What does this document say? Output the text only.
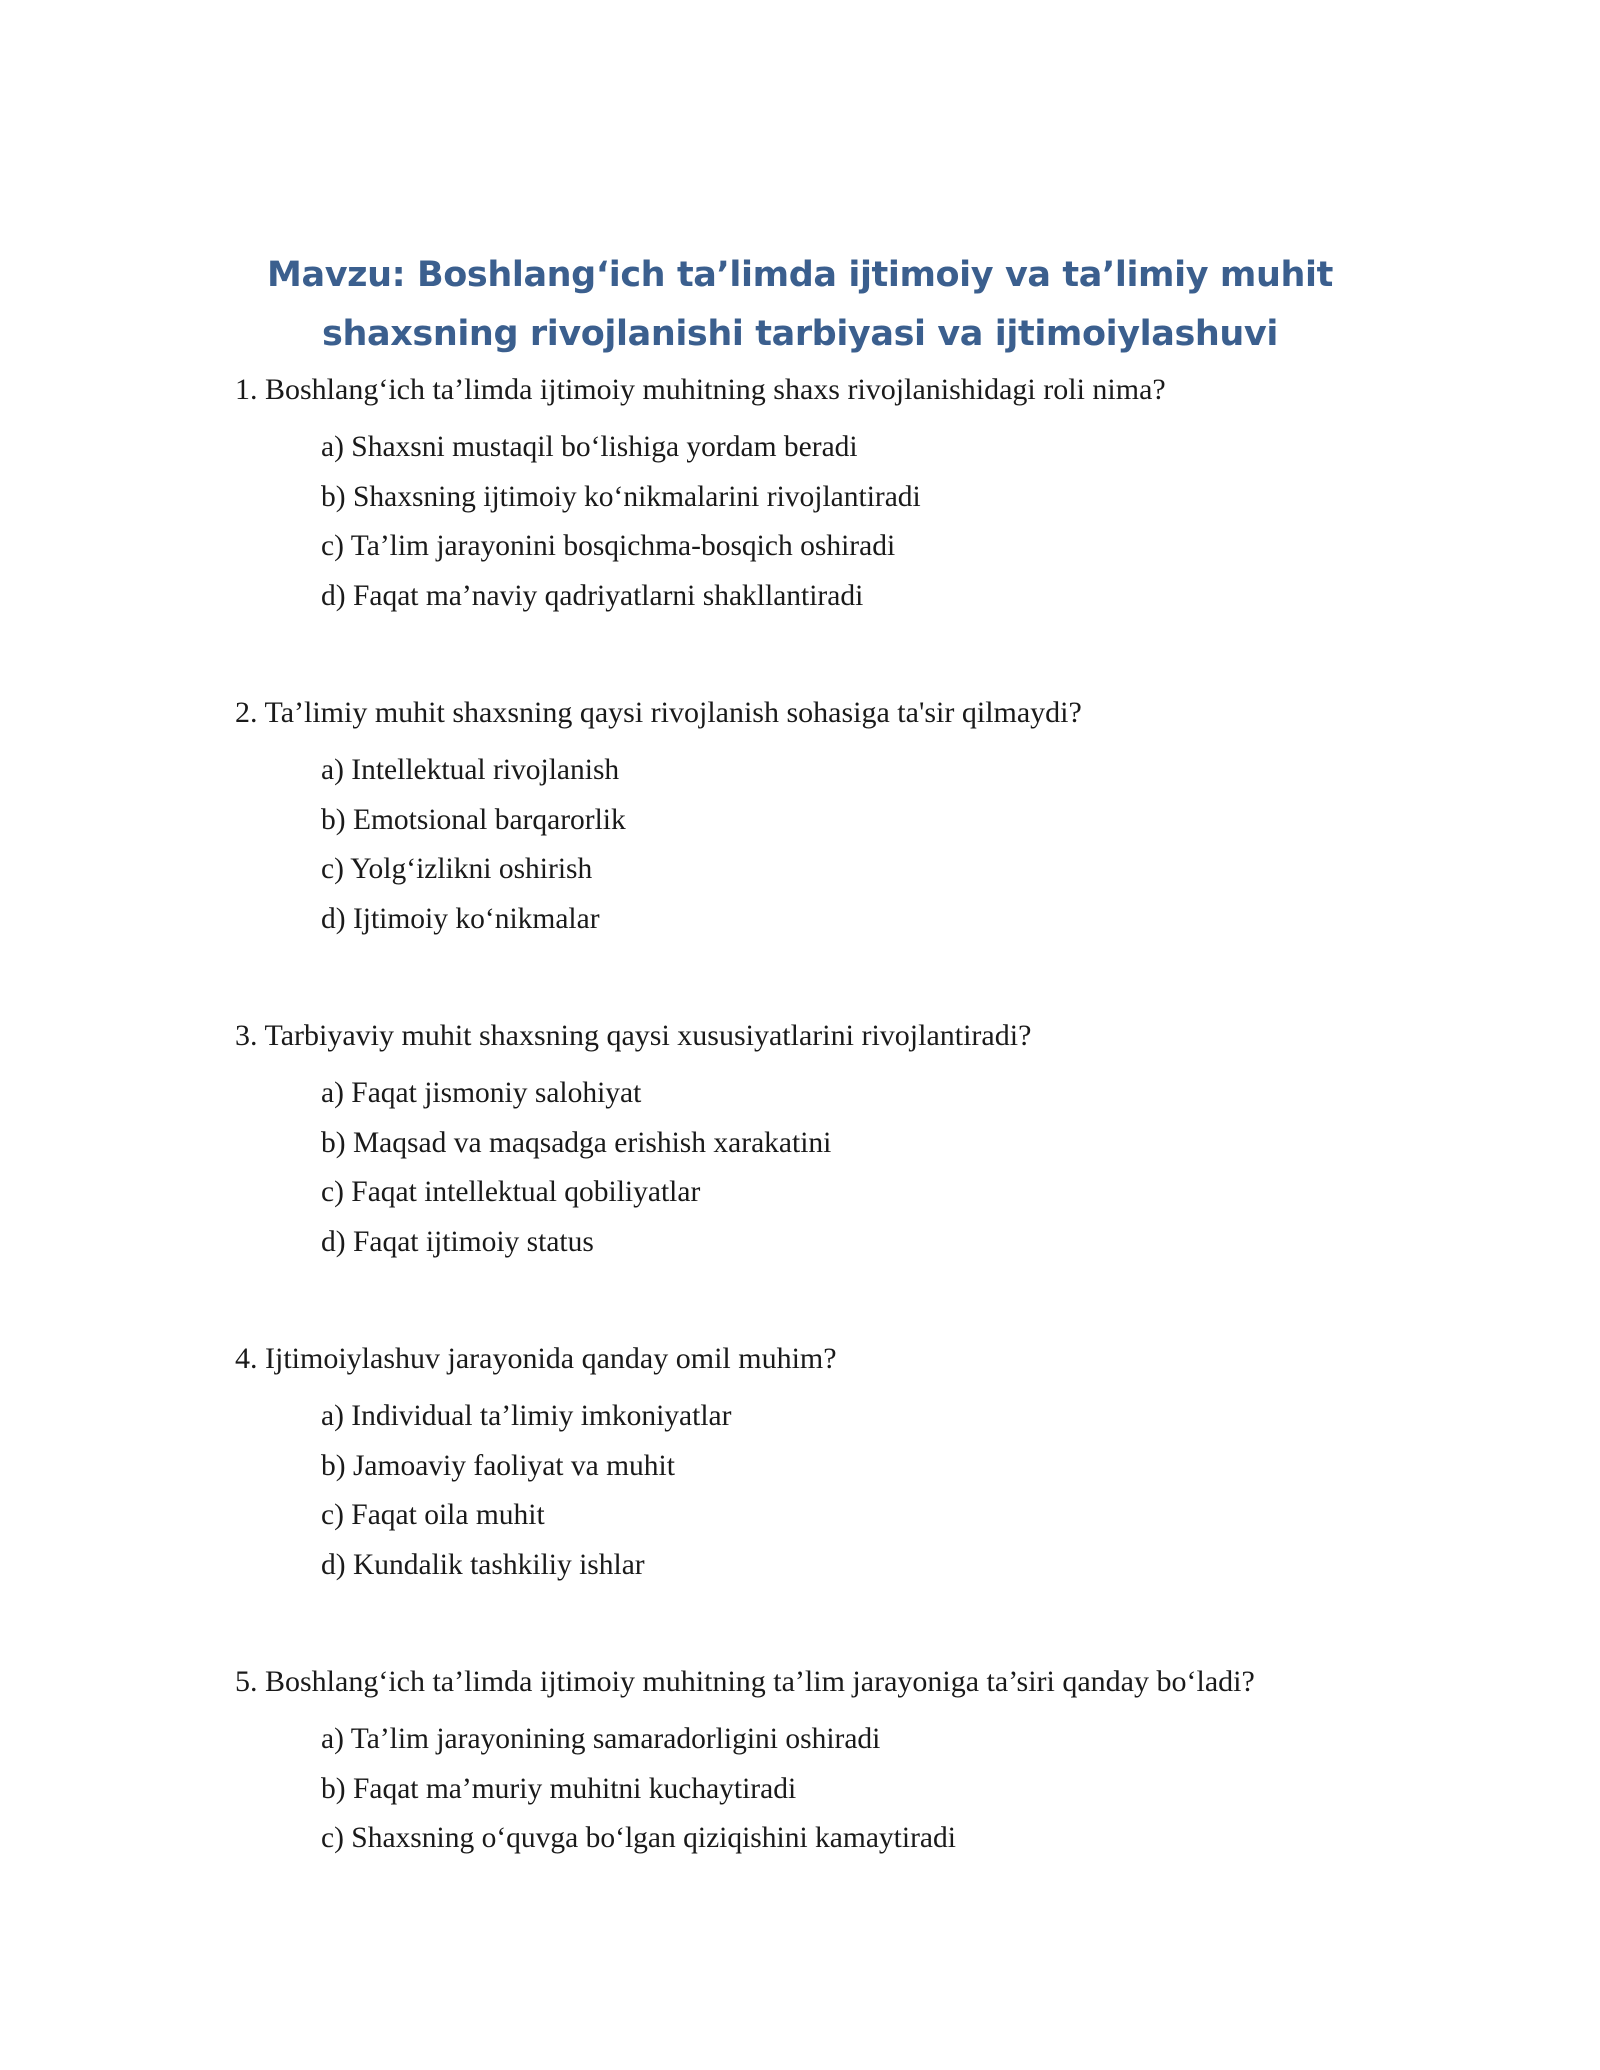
Mavzu: Boshlang‘ich ta’limda ijtimoiy va ta’limiy muhit
shaxsning rivojlanishi tarbiyasi va ijtimoiylashuvi

1. Boshlang‘ich ta’limda ijtimoiy muhitning shaxs rivojlanishidagi roli nima?

a) Shaxsni mustaqil bo‘lishiga yordam beradi
b) Shaxsning ijtimoiy ko‘nikmalarini rivojlantiradi
c) Ta’lim jarayonini bosqichma-bosqich oshiradi
d) Faqat ma’naviy qadriyatlarni shakllantiradi

2. Ta’limiy muhit shaxsning qaysi rivojlanish sohasiga ta'sir qilmaydi?

a) Intellektual rivojlanish
b) Emotsional barqarorlik
c) Yolg‘izlikni oshirish
d) Ijtimoiy ko‘nikmalar

3. Tarbiyaviy muhit shaxsning qaysi xususiyatlarini rivojlantiradi?

a) Faqat jismoniy salohiyat
b) Maqsad va maqsadga erishish xarakatini
c) Faqat intellektual qobiliyatlar
d) Faqat ijtimoiy status

4. Ijtimoiylashuv jarayonida qanday omil muhim?

a) Individual ta’limiy imkoniyatlar
b) Jamoaviy faoliyat va muhit
c) Faqat oila muhit
d) Kundalik tashkiliy ishlar

5. Boshlang‘ich ta’limda ijtimoiy muhitning ta’lim jarayoniga ta’siri qanday bo‘ladi?

a) Ta’lim jarayonining samaradorligini oshiradi
b) Faqat ma’muriy muhitni kuchaytiradi
c) Shaxsning o‘quvga bo‘lgan qiziqishini kamaytiradi
